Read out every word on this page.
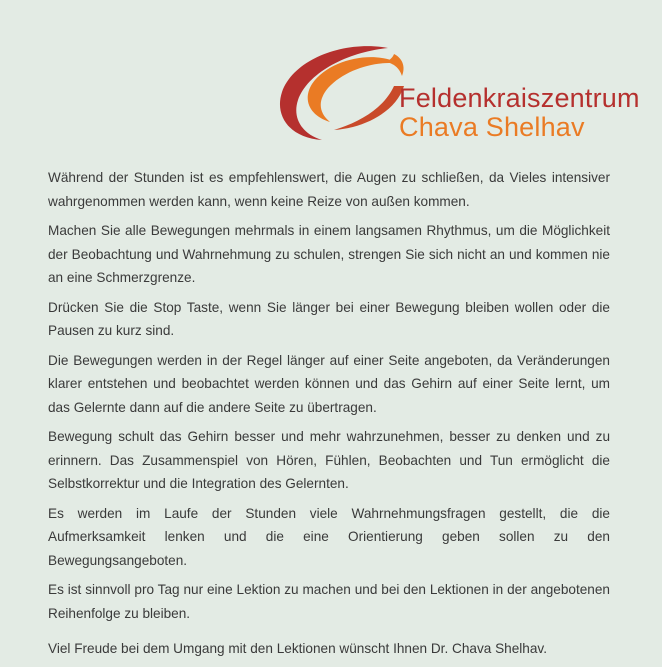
Feldenkraiszentrum
Chava Shelhav

Während der Stunden ist es empfehlenswert, die Augen zu schließen, da Vieles intensiver wahrgenommen werden kann, wenn keine Reize von außen kommen.

Machen Sie alle Bewegungen mehrmals in einem langsamen Rhythmus, um die Möglichkeit der Beobachtung und Wahrnehmung zu schulen, strengen Sie sich nicht an und kommen nie an eine Schmerzgrenze.

Drücken Sie die Stop Taste, wenn Sie länger bei einer Bewegung bleiben wollen oder die Pausen zu kurz sind.

Die Bewegungen werden in der Regel länger auf einer Seite angeboten, da Veränderungen klarer entstehen und beobachtet werden können und das Gehirn auf einer Seite lernt, um das Gelernte dann auf die andere Seite zu übertragen.

Bewegung schult das Gehirn besser und mehr wahrzunehmen, besser zu denken und zu erinnern. Das Zusammenspiel von Hören, Fühlen, Beobachten und Tun ermöglicht die Selbstkorrektur und die Integration des Gelernten.

Es werden im Laufe der Stunden viele Wahrnehmungsfragen gestellt, die die Aufmerksamkeit lenken und die eine Orientierung geben sollen zu den Bewegungsangeboten.

Es ist sinnvoll pro Tag nur eine Lektion zu machen und bei den Lektionen in der angebotenen Reihenfolge zu bleiben.

Viel Freude bei dem Umgang mit den Lektionen wünscht Ihnen Dr. Chava Shelhav.
